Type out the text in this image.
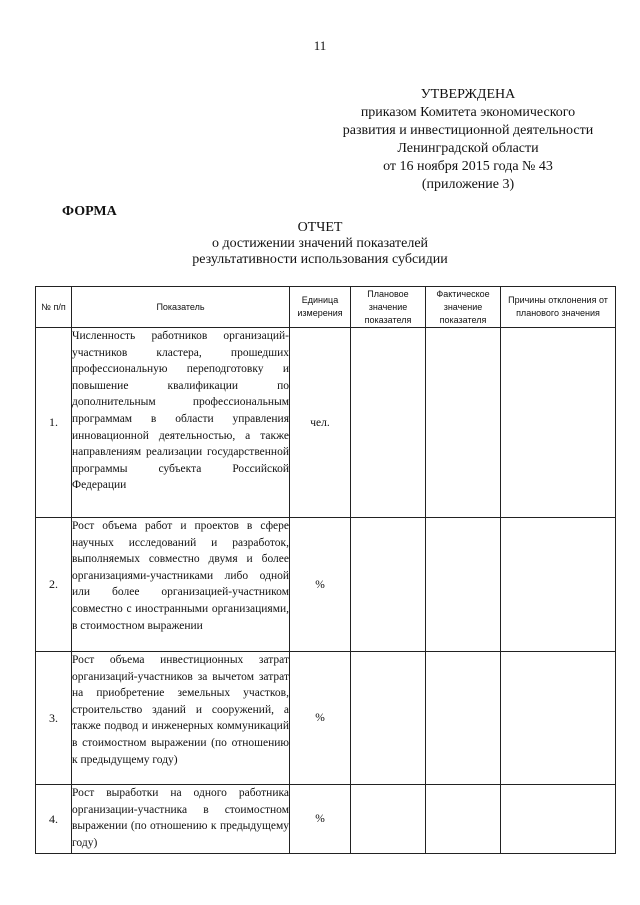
11
УТВЕРЖДЕНА
приказом Комитета экономического
развития и инвестиционной деятельности
Ленинградской области
от 16 ноября 2015 года № 43
(приложение 3)
ФОРМА
ОТЧЕТ
о достижении значений показателей
результативности использования субсидии
№ п/п	Показатель	Единица измерения	Плановое значение показателя	Фактическое значение показателя	Причины отклонения от планового значения
1.	Численность работников организаций-участников кластера, прошедших профессиональную переподготовку и повышение квалификации по дополнительным профессиональным программам в области управления инновационной деятельностью, а также направлениям реализации государственной программы субъекта Российской Федерации	чел.			
2.	Рост объема работ и проектов в сфере научных исследований и разработок, выполняемых совместно двумя и более организациями-участниками либо одной или более организацией-участником совместно с иностранными организациями, в стоимостном выражении	%			
3.	Рост объема инвестиционных затрат организаций-участников за вычетом затрат на приобретение земельных участков, строительство зданий и сооружений, а также подвод и инженерных коммуникаций в стоимостном выражении (по отношению к предыдущему году)	%			
4.	Рост выработки на одного работника организации-участника в стоимостном выражении (по отношению к предыдущему году)	%			
